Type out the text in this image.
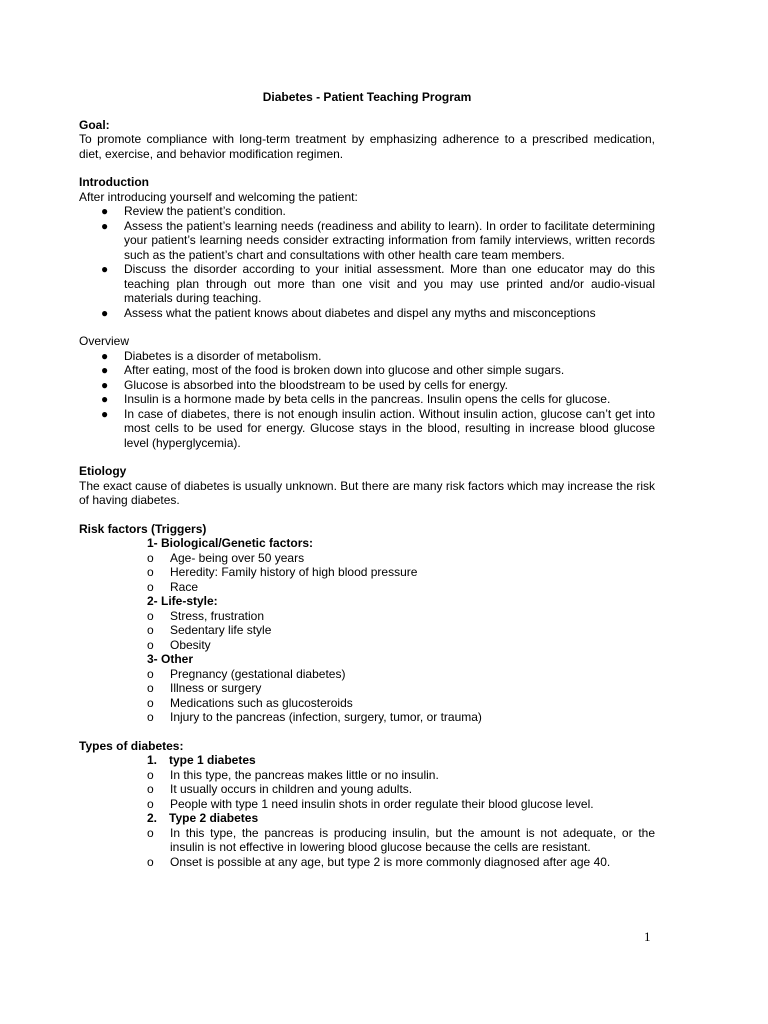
Diabetes - Patient Teaching Program
Goal:

To promote compliance with long-term treatment by emphasizing adherence to a prescribed medication, diet, exercise, and behavior modification regimen.

Introduction

After introducing yourself and welcoming the patient:

● Review the patient’s condition.
● Assess the patient’s learning needs (readiness and ability to learn). In order to facilitate determining your patient’s learning needs consider extracting information from family interviews, written records such as the patient’s chart and consultations with other health care team members.
● Discuss the disorder according to your initial assessment. More than one educator may do this teaching plan through out more than one visit and you may use printed and/or audio-visual materials during teaching.
● Assess what the patient knows about diabetes and dispel any myths and misconceptions
Overview
● Diabetes is a disorder of metabolism.
● After eating, most of the food is broken down into glucose and other simple sugars.
● Glucose is absorbed into the bloodstream to be used by cells for energy.
● Insulin is a hormone made by beta cells in the pancreas. Insulin opens the cells for glucose.
● In case of diabetes, there is not enough insulin action. Without insulin action, glucose can’t get into most cells to be used for energy. Glucose stays in the blood, resulting in increase blood glucose level (hyperglycemia).
Etiology

The exact cause of diabetes is usually unknown. But there are many risk factors which may increase the risk of having diabetes.

Risk factors (Triggers)
1- Biological/Genetic factors:
o Age- being over 50 years
o Heredity: Family history of high blood pressure
o Race
2- Life-style:
o Stress, frustration
o Sedentary life style
o Obesity
3- Other
o Pregnancy (gestational diabetes)
o Illness or surgery
o Medications such as glucosteroids
o Injury to the pancreas (infection, surgery, tumor, or trauma)
Types of diabetes:
1. type 1 diabetes
o In this type, the pancreas makes little or no insulin.
o It usually occurs in children and young adults.
o People with type 1 need insulin shots in order regulate their blood glucose level.
2. Type 2 diabetes
o In this type, the pancreas is producing insulin, but the amount is not adequate, or the insulin is not effective in lowering blood glucose because the cells are resistant.
o Onset is possible at any age, but type 2 is more commonly diagnosed after age 40.
1
